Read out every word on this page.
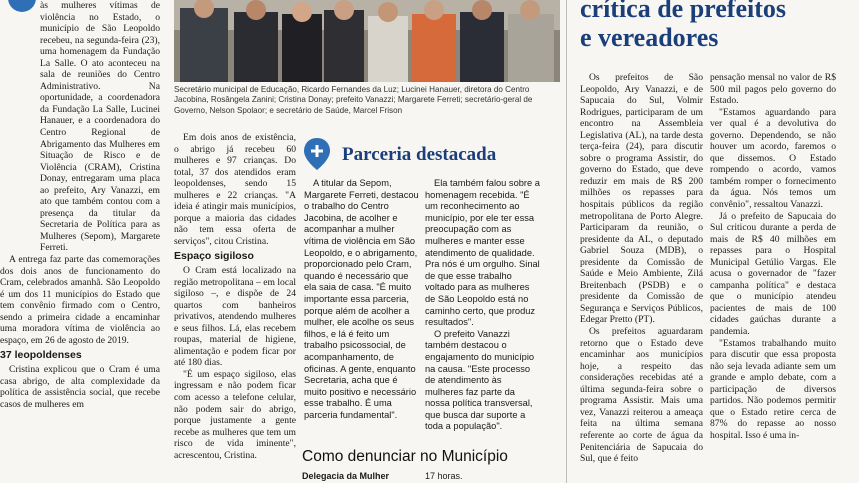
às mulheres vítimas de violência no Estado, o município de São Leopoldo recebeu, na segunda-feira (23), uma homenagem da Fundação La Salle. O ato aconteceu na sala de reuniões do Centro Administrativo. Na oportunidade, a coordenadora da Fundação La Salle, Lucinei Hanauer, e a coordenadora do Centro Regional de Abrigamento das Mulheres em Situação de Risco e de Violência (CRAM), Cristina Donay, entregaram uma placa ao prefeito, Ary Vanazzi, em ato que também contou com a presença da titular da Secretaria de Política para as Mulheres (Sepom), Margarete Ferreti.

A entrega faz parte das comemorações dos dois anos de funcionamento do Cram, celebrados amanhã. São Leopoldo é um dos 11 municípios do Estado que tem convênio firmado com o Centro, sendo a primeira cidade a encaminhar uma moradora vítima de violência ao espaço, em 26 de agosto de 2019.

37 leopoldenses

Cristina explicou que o Cram é uma casa abrigo, de alta complexidade da política de assistência social, que recebe casos de mulheres em

Secretário municipal de Educação, Ricardo Fernandes da Luz; Lucinei Hanauer, diretora do Centro Jacobina, Rosângela Zanini; Cristina Donay; prefeito Vanazzi; Margarete Ferreti; secretário-geral de Governo, Nelson Spolaor; e secretário de Saúde, Marcel Frison

Em dois anos de existência, o abrigo já recebeu 60 mulheres e 97 crianças. Do total, 37 dos atendidos eram leopoldenses, sendo 15 mulheres e 22 crianças. "A ideia é atingir mais municípios, porque a maioria das cidades não tem essa oferta de serviços", citou Cristina.

Espaço sigiloso

O Cram está localizado na região metropolitana – em local sigiloso –, e dispõe de 24 quartos com banheiros privativos, atendendo mulheres e seus filhos. Lá, elas recebem roupas, material de higiene, alimentação e podem ficar por até 180 dias.

"É um espaço sigiloso, elas ingressam e não podem ficar com acesso a telefone celular, não podem sair do abrigo, porque justamente a gente recebe as mulheres que tem um risco de vida iminente", acrescentou, Cristina.

Parceria destacada

A titular da Sepom, Margarete Ferreti, destacou o trabalho do Centro Jacobina, de acolher e acompanhar a mulher vítima de violência em São Leopoldo, e o abrigamento, proporcionado pelo Cram, quando é necessário que ela saia de casa. "É muito importante essa parceria, porque além de acolher a mulher, ele acolhe os seus filhos, e lá é feito um trabalho psicossocial, de acompanhamento, de oficinas. A gente, enquanto Secretaria, acha que é muito positivo e necessário esse trabalho. É uma parceria fundamental".

Ela também falou sobre a homenagem recebida. "É um reconhecimento ao município, por ele ter essa preocupação com as mulheres e manter esse atendimento de qualidade. Pra nós é um orgulho. Sinal de que esse trabalho voltado para as mulheres de São Leopoldo está no caminho certo, que produz resultados".

O prefeito Vanazzi também destacou o engajamento do município na causa. "Este processo de atendimento às mulheres faz parte da nossa política transversal, que busca dar suporte a toda a população".

Como denunciar no Município
Delegacia da Mulher	17 horas.
crítica de prefeitos
e vereadores

Os prefeitos de São Leopoldo, Ary Vanazzi, e de Sapucaia do Sul, Volmir Rodrigues, participaram de um encontro na Assembleia Legislativa (AL), na tarde desta terça-feira (24), para discutir sobre o programa Assistir, do governo do Estado, que deve reduzir em mais de R$ 200 milhões os repasses para hospitais públicos da região metropolitana de Porto Alegre. Participaram da reunião, o presidente da AL, o deputado Gabriel Souza (MDB), o presidente da Comissão de Saúde e Meio Ambiente, Zilá Breitenbach (PSDB) e o presidente da Comissão de Segurança e Serviços Públicos, Edegar Pretto (PT).

Os prefeitos aguardaram retorno que o Estado deve encaminhar aos municípios hoje, a respeito das considerações recebidas até a última segunda-feira sobre o programa Assistir. Mais uma vez, Vanazzi reiterou a ameaça feita na última semana referente ao corte de água da Penitenciária de Sapucaia do Sul, que é feito

pensação mensal no valor de R$ 500 mil pagos pelo governo do Estado.

"Estamos aguardando para ver qual é a devolutiva do governo. Dependendo, se não houver um acordo, faremos o que dissemos. O Estado rompendo o acordo, vamos também romper o fornecimento da água. Nós temos um convênio", ressaltou Vanazzi.

Já o prefeito de Sapucaia do Sul criticou durante a perda de mais de R$ 40 milhões em repasses para o Hospital Municipal Getúlio Vargas. Ele acusa o governador de "fazer campanha política" e destaca que o município atendeu pacientes de mais de 100 cidades gaúchas durante a pandemia.

"Estamos trabalhando muito para discutir que essa proposta não seja levada adiante sem um grande e amplo debate, com a participação de diversos partidos. Não podemos permitir que o Estado retire cerca de 87% do repasse ao nosso hospital. Isso é uma in-
